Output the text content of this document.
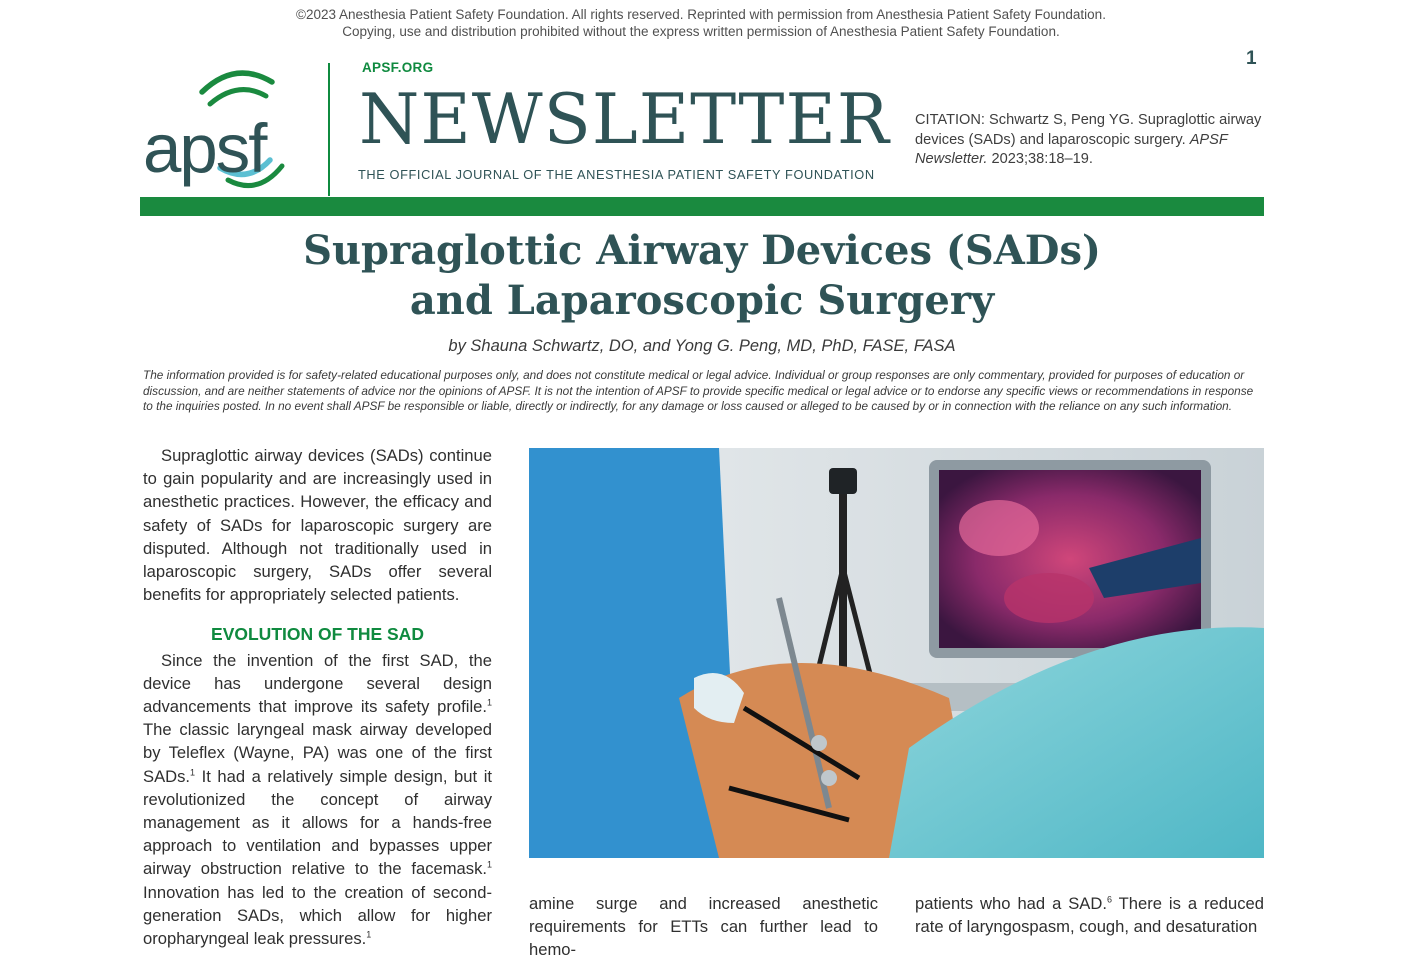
©2023 Anesthesia Patient Safety Foundation. All rights reserved. Reprinted with permission from Anesthesia Patient Safety Foundation.
Copying, use and distribution prohibited without the express written permission of Anesthesia Patient Safety Foundation.
1
apsf
APSF.ORG
NEWSLETTER
THE OFFICIAL JOURNAL OF THE ANESTHESIA PATIENT SAFETY FOUNDATION
CITATION: Schwartz S, Peng YG. Supraglottic airway devices (SADs) and laparoscopic surgery. APSF Newsletter. 2023;38:18–19.
Supraglottic Airway Devices (SADs)
and Laparoscopic Surgery
by Shauna Schwartz, DO, and Yong G. Peng, MD, PhD, FASE, FASA
The information provided is for safety-related educational purposes only, and does not constitute medical or legal advice. Individual or group responses are only commentary, provided for purposes of education or discussion, and are neither statements of advice nor the opinions of APSF. It is not the intention of APSF to provide specific medical or legal advice or to endorse any specific views or recommendations in response to the inquiries posted. In no event shall APSF be responsible or liable, directly or indirectly, for any damage or loss caused or alleged to be caused by or in connection with the reliance on any such information.

Supraglottic airway devices (SADs) continue to gain popularity and are increasingly used in anesthetic practices. However, the efficacy and safety of SADs for laparoscopic surgery are disputed. Although not traditionally used in laparoscopic surgery, SADs offer several benefits for appropriately selected patients.

EVOLUTION OF THE SAD

Since the invention of the first SAD, the device has undergone several design advancements that improve its safety profile.$^1$ The classic laryngeal mask airway developed by Teleflex (Wayne, PA) was one of the first SADs.$^1$ It had a relatively simple design, but it revolutionized the concept of airway management as it allows for a hands-free approach to ventilation and bypasses upper airway obstruction relative to the facemask.$^1$ Innovation has led to the creation of second-generation SADs, which allow for higher oropharyngeal leak pressures.$^1$

amine surge and increased anesthetic requirements for ETTs can further lead to hemo-

patients who had a SAD.$^6$ There is a reduced rate of laryngospasm, cough, and desaturation
